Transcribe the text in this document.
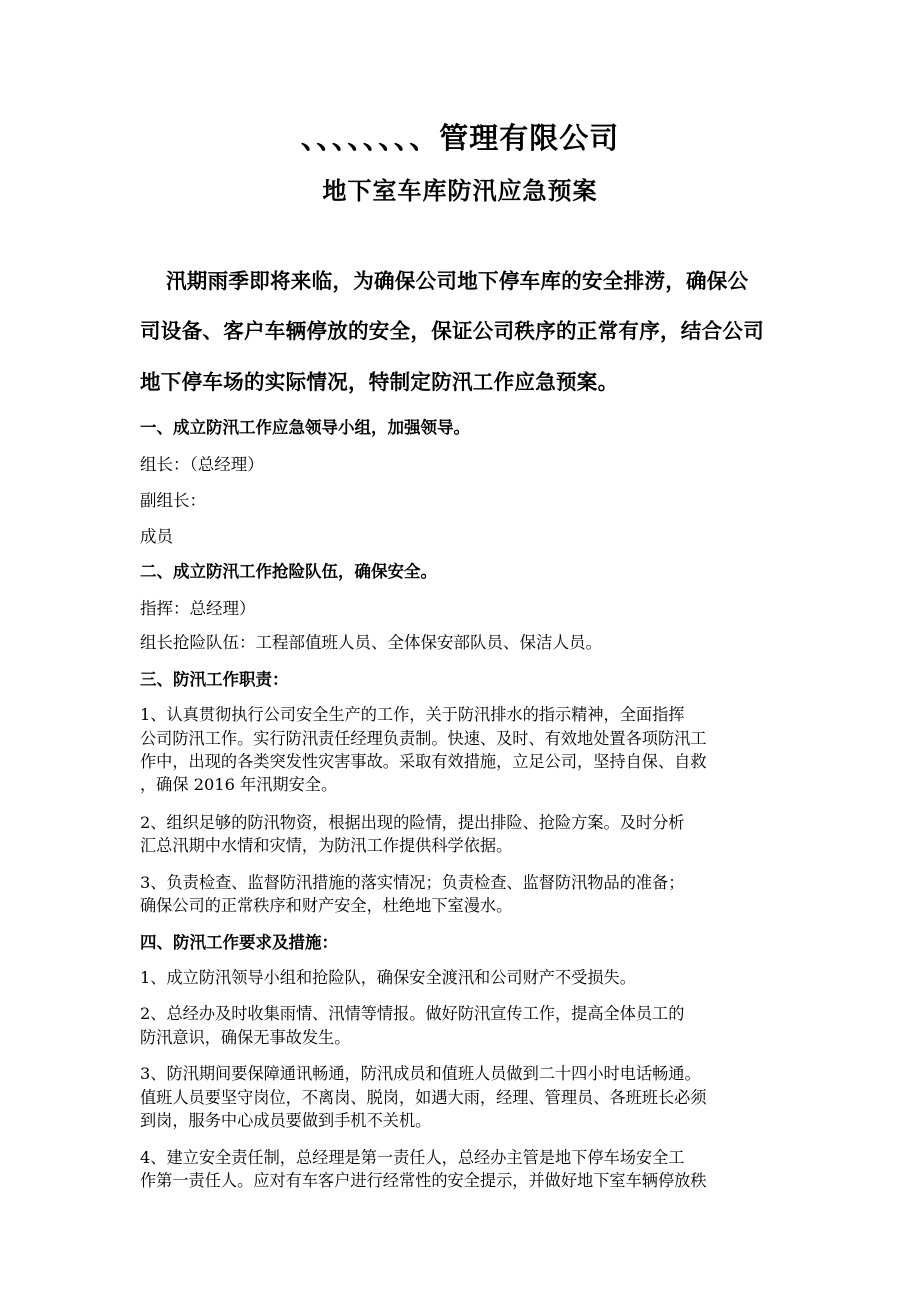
、、、、、、、、管理有限公司
地下室车库防汛应急预案
汛期雨季即将来临，为确保公司地下停车库的安全排涝，确保公
司设备、客户车辆停放的安全，保证公司秩序的正常有序，结合公司
地下停车场的实际情况，特制定防汛工作应急预案。
一、成立防汛工作应急领导小组，加强领导。
组长：（总经理）
副组长：
成员
二、成立防汛工作抢险队伍，确保安全。
指挥：总经理）
组长抢险队伍：工程部值班人员、全体保安部队员、保洁人员。
三、防汛工作职责：
1、认真贯彻执行公司安全生产的工作，关于防汛排水的指示精神，全面指挥
公司防汛工作。实行防汛责任经理负责制。快速、及时、有效地处置各项防汛工
作中，出现的各类突发性灾害事故。采取有效措施，立足公司，坚持自保、自救
，确保 2016 年汛期安全。
2、组织足够的防汛物资，根据出现的险情，提出排险、抢险方案。及时分析
汇总汛期中水情和灾情，为防汛工作提供科学依据。
3、负责检查、监督防汛措施的落实情况；负责检查、监督防汛物品的准备；
确保公司的正常秩序和财产安全，杜绝地下室漫水。
四、防汛工作要求及措施：
1、成立防汛领导小组和抢险队，确保安全渡汛和公司财产不受损失。
2、总经办及时收集雨情、汛情等情报。做好防汛宣传工作，提高全体员工的
防汛意识，确保无事故发生。
3、防汛期间要保障通讯畅通，防汛成员和值班人员做到二十四小时电话畅通。
值班人员要坚守岗位，不离岗、脱岗，如遇大雨，经理、管理员、各班班长必须
到岗，服务中心成员要做到手机不关机。
4、建立安全责任制，总经理是第一责任人，总经办主管是地下停车场安全工
作第一责任人。应对有车客户进行经常性的安全提示，并做好地下室车辆停放秩
